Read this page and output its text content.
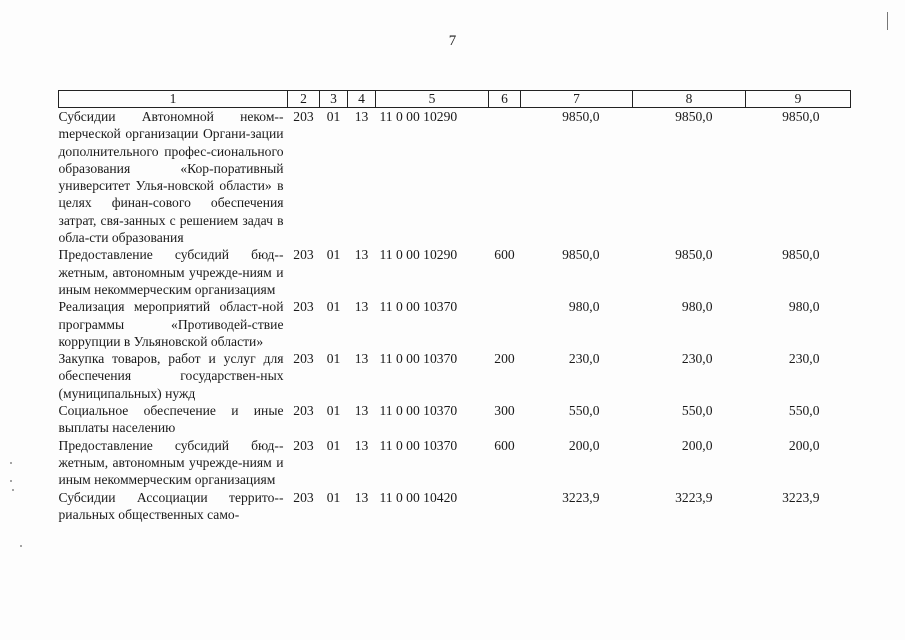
7
1	2	3	4	5	6	7	8	9
Субсидии Автономной неком-mерческой организации Органи-зации дополнительного профес-сионального образования «Кор-поративный университет Улья-новской области» в целях финан-сового обеспечения затрат, свя-занных с решением задач в обла-сти образования	203	01	13	11 0 00 10290		9850,0	9850,0	9850,0
Предоставление субсидий бюд-жетным, автономным учрежде-ниям и иным некоммерческим организациям	203	01	13	11 0 00 10290	600	9850,0	9850,0	9850,0
Реализация мероприятий област-ной программы «Противодей-ствие коррупции в Ульяновской области»	203	01	13	11 0 00 10370		980,0	980,0	980,0
Закупка товаров, работ и услуг для обеспечения государствен-ных (муниципальных) нужд	203	01	13	11 0 00 10370	200	230,0	230,0	230,0
Социальное обеспечение и иные выплаты населению	203	01	13	11 0 00 10370	300	550,0	550,0	550,0
Предоставление субсидий бюд-жетным, автономным учрежде-ниям и иным некоммерческим организациям	203	01	13	11 0 00 10370	600	200,0	200,0	200,0
Субсидии Ассоциации террито-риальных общественных само-	203	01	13	11 0 00 10420		3223,9	3223,9	3223,9
